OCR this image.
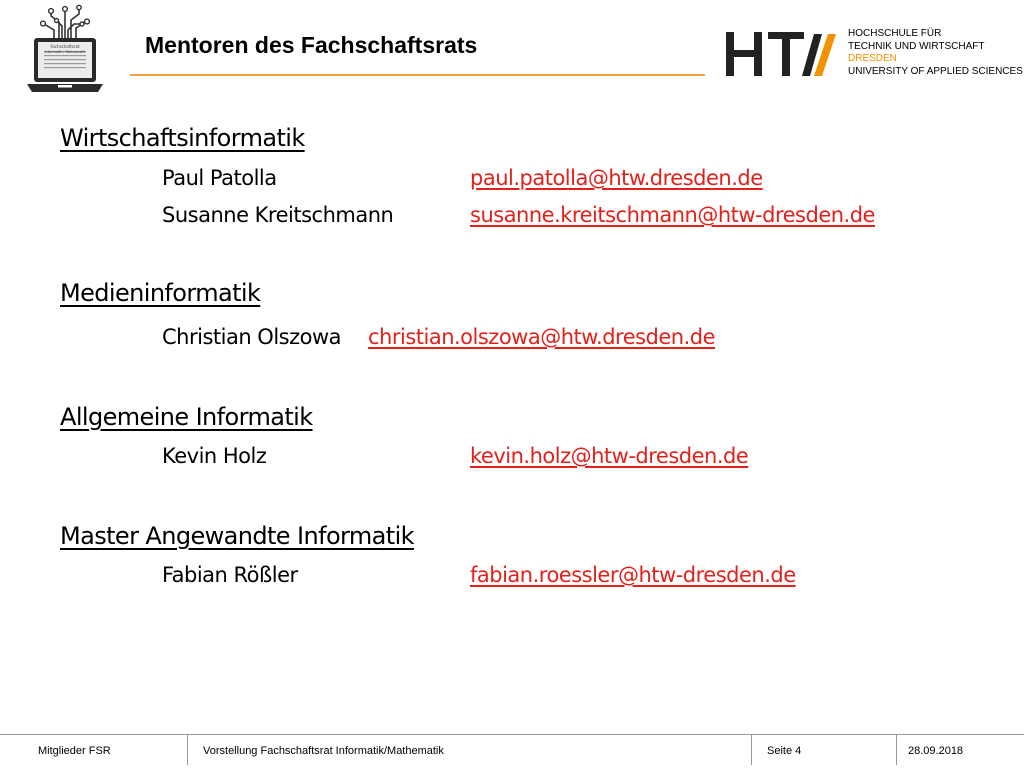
Fachschaftsrat
Informatik / Mathematik	Mentoren des Fachschaftsrats	HOCHSCHULE FÜR
TECHNIK UND WIRTSCHAFT
DRESDEN
UNIVERSITY OF APPLIED SCIENCES
Wirtschaftsinformatik
Paul Patolla	paul.patolla@htw.dresden.de
Susanne Kreitschmann	susanne.kreitschmann@htw-dresden.de
Medieninformatik
Christian Olszowa christian.olszowa@htw.dresden.de
Allgemeine Informatik
Kevin Holz	kevin.holz@htw-dresden.de
Master Angewandte Informatik
Fabian Rößler	fabian.roessler@htw-dresden.de
Mitglieder FSR	Vorstellung Fachschaftsrat Informatik/Mathematik	Seite 4	28.09.2018
